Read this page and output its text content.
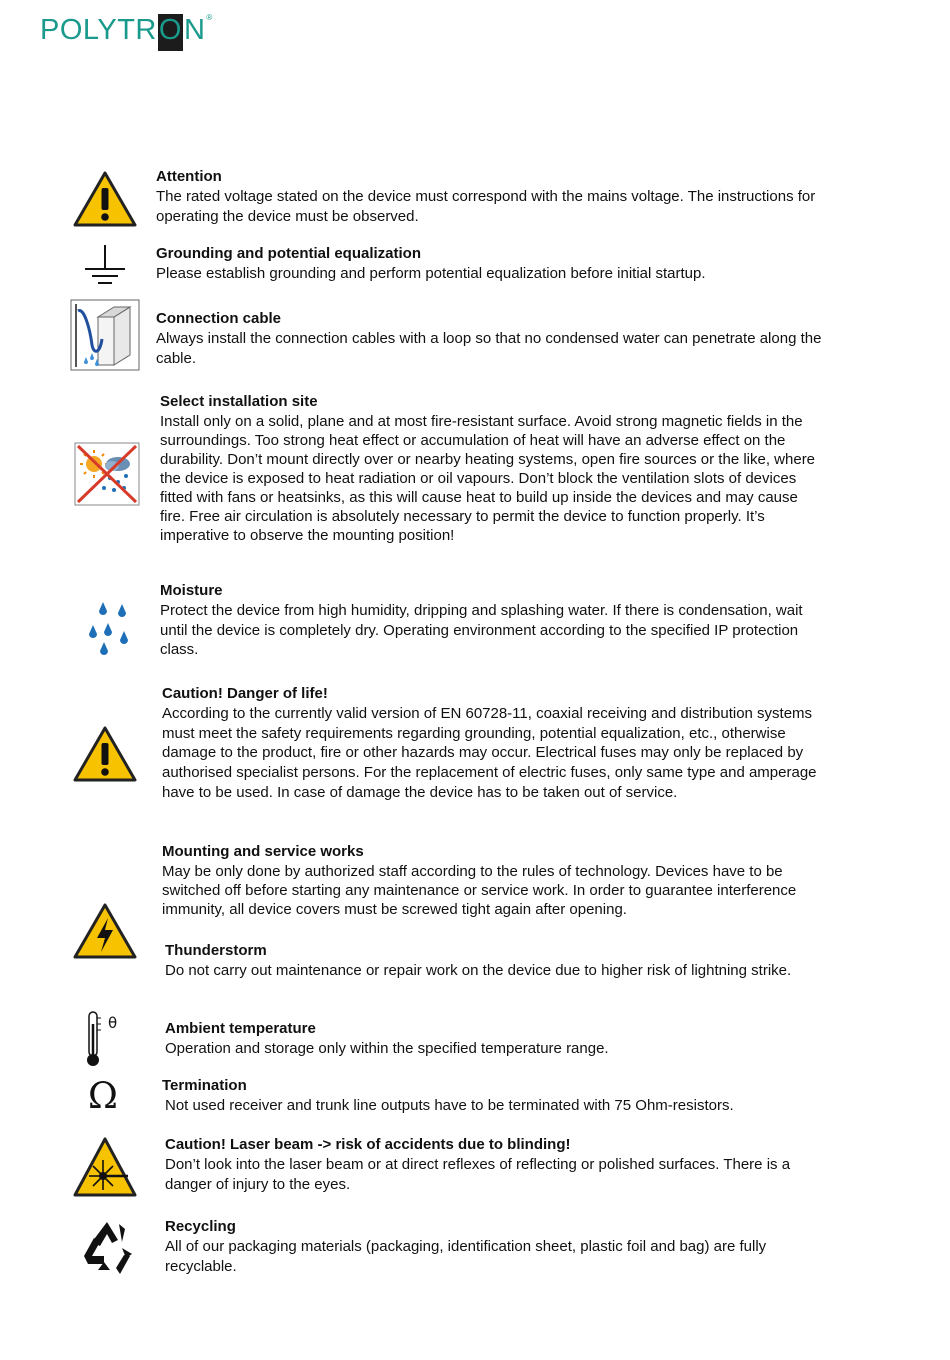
POLYTRON®
θ
Ω

Attention

The rated voltage stated on the device must correspond with the mains voltage. The instructions for operating the device must be observed.

Grounding and potential equalization

Please establish grounding and perform potential equalization before initial startup.

Connection cable

Always install the connection cables with a loop so that no condensed water can penetrate along the cable.

Select installation site

Install only on a solid, plane and at most fire-resistant surface. Avoid strong magnetic fields in the surroundings. Too strong heat effect or accumulation of heat will have an adverse effect on the durability. Don’t mount directly over or nearby heating systems, open fire sources or the like, where the device is exposed to heat radiation or oil vapours. Don’t block the ventilation slots of devices fitted with fans or heatsinks, as this will cause heat to build up inside the devices and may cause fire. Free air circulation is absolutely necessary to permit the device to function properly. It’s imperative to observe the mounting position!

Moisture

Protect the device from high humidity, dripping and splashing water. If there is condensation, wait until the device is completely dry. Operating environment according to the specified IP protection class.

Caution! Danger of life!

According to the currently valid version of EN 60728-11, coaxial receiving and distribution systems must meet the safety requirements regarding grounding, potential equalization, etc., otherwise damage to the product, fire or other hazards may occur. Electrical fuses may only be replaced by authorised specialist persons. For the replacement of electric fuses, only same type and amperage have to be used. In case of damage the device has to be taken out of service.

Mounting and service works

May be only done by authorized staff according to the rules of technology. Devices have to be switched off before starting any maintenance or service work. In order to guarantee interference immunity, all device covers must be screwed tight again after opening.

Thunderstorm

Do not carry out maintenance or repair work on the device due to higher risk of lightning strike.

Ambient temperature

Operation and storage only within the specified temperature range.

Termination

Not used receiver and trunk line outputs have to be terminated with 75 Ohm-resistors.

Caution! Laser beam -> risk of accidents due to blinding!

Don’t look into the laser beam or at direct reflexes of reflecting or polished surfaces. There is a danger of injury to the eyes.

Recycling

All of our packaging materials (packaging, identification sheet, plastic foil and bag) are fully recyclable.
